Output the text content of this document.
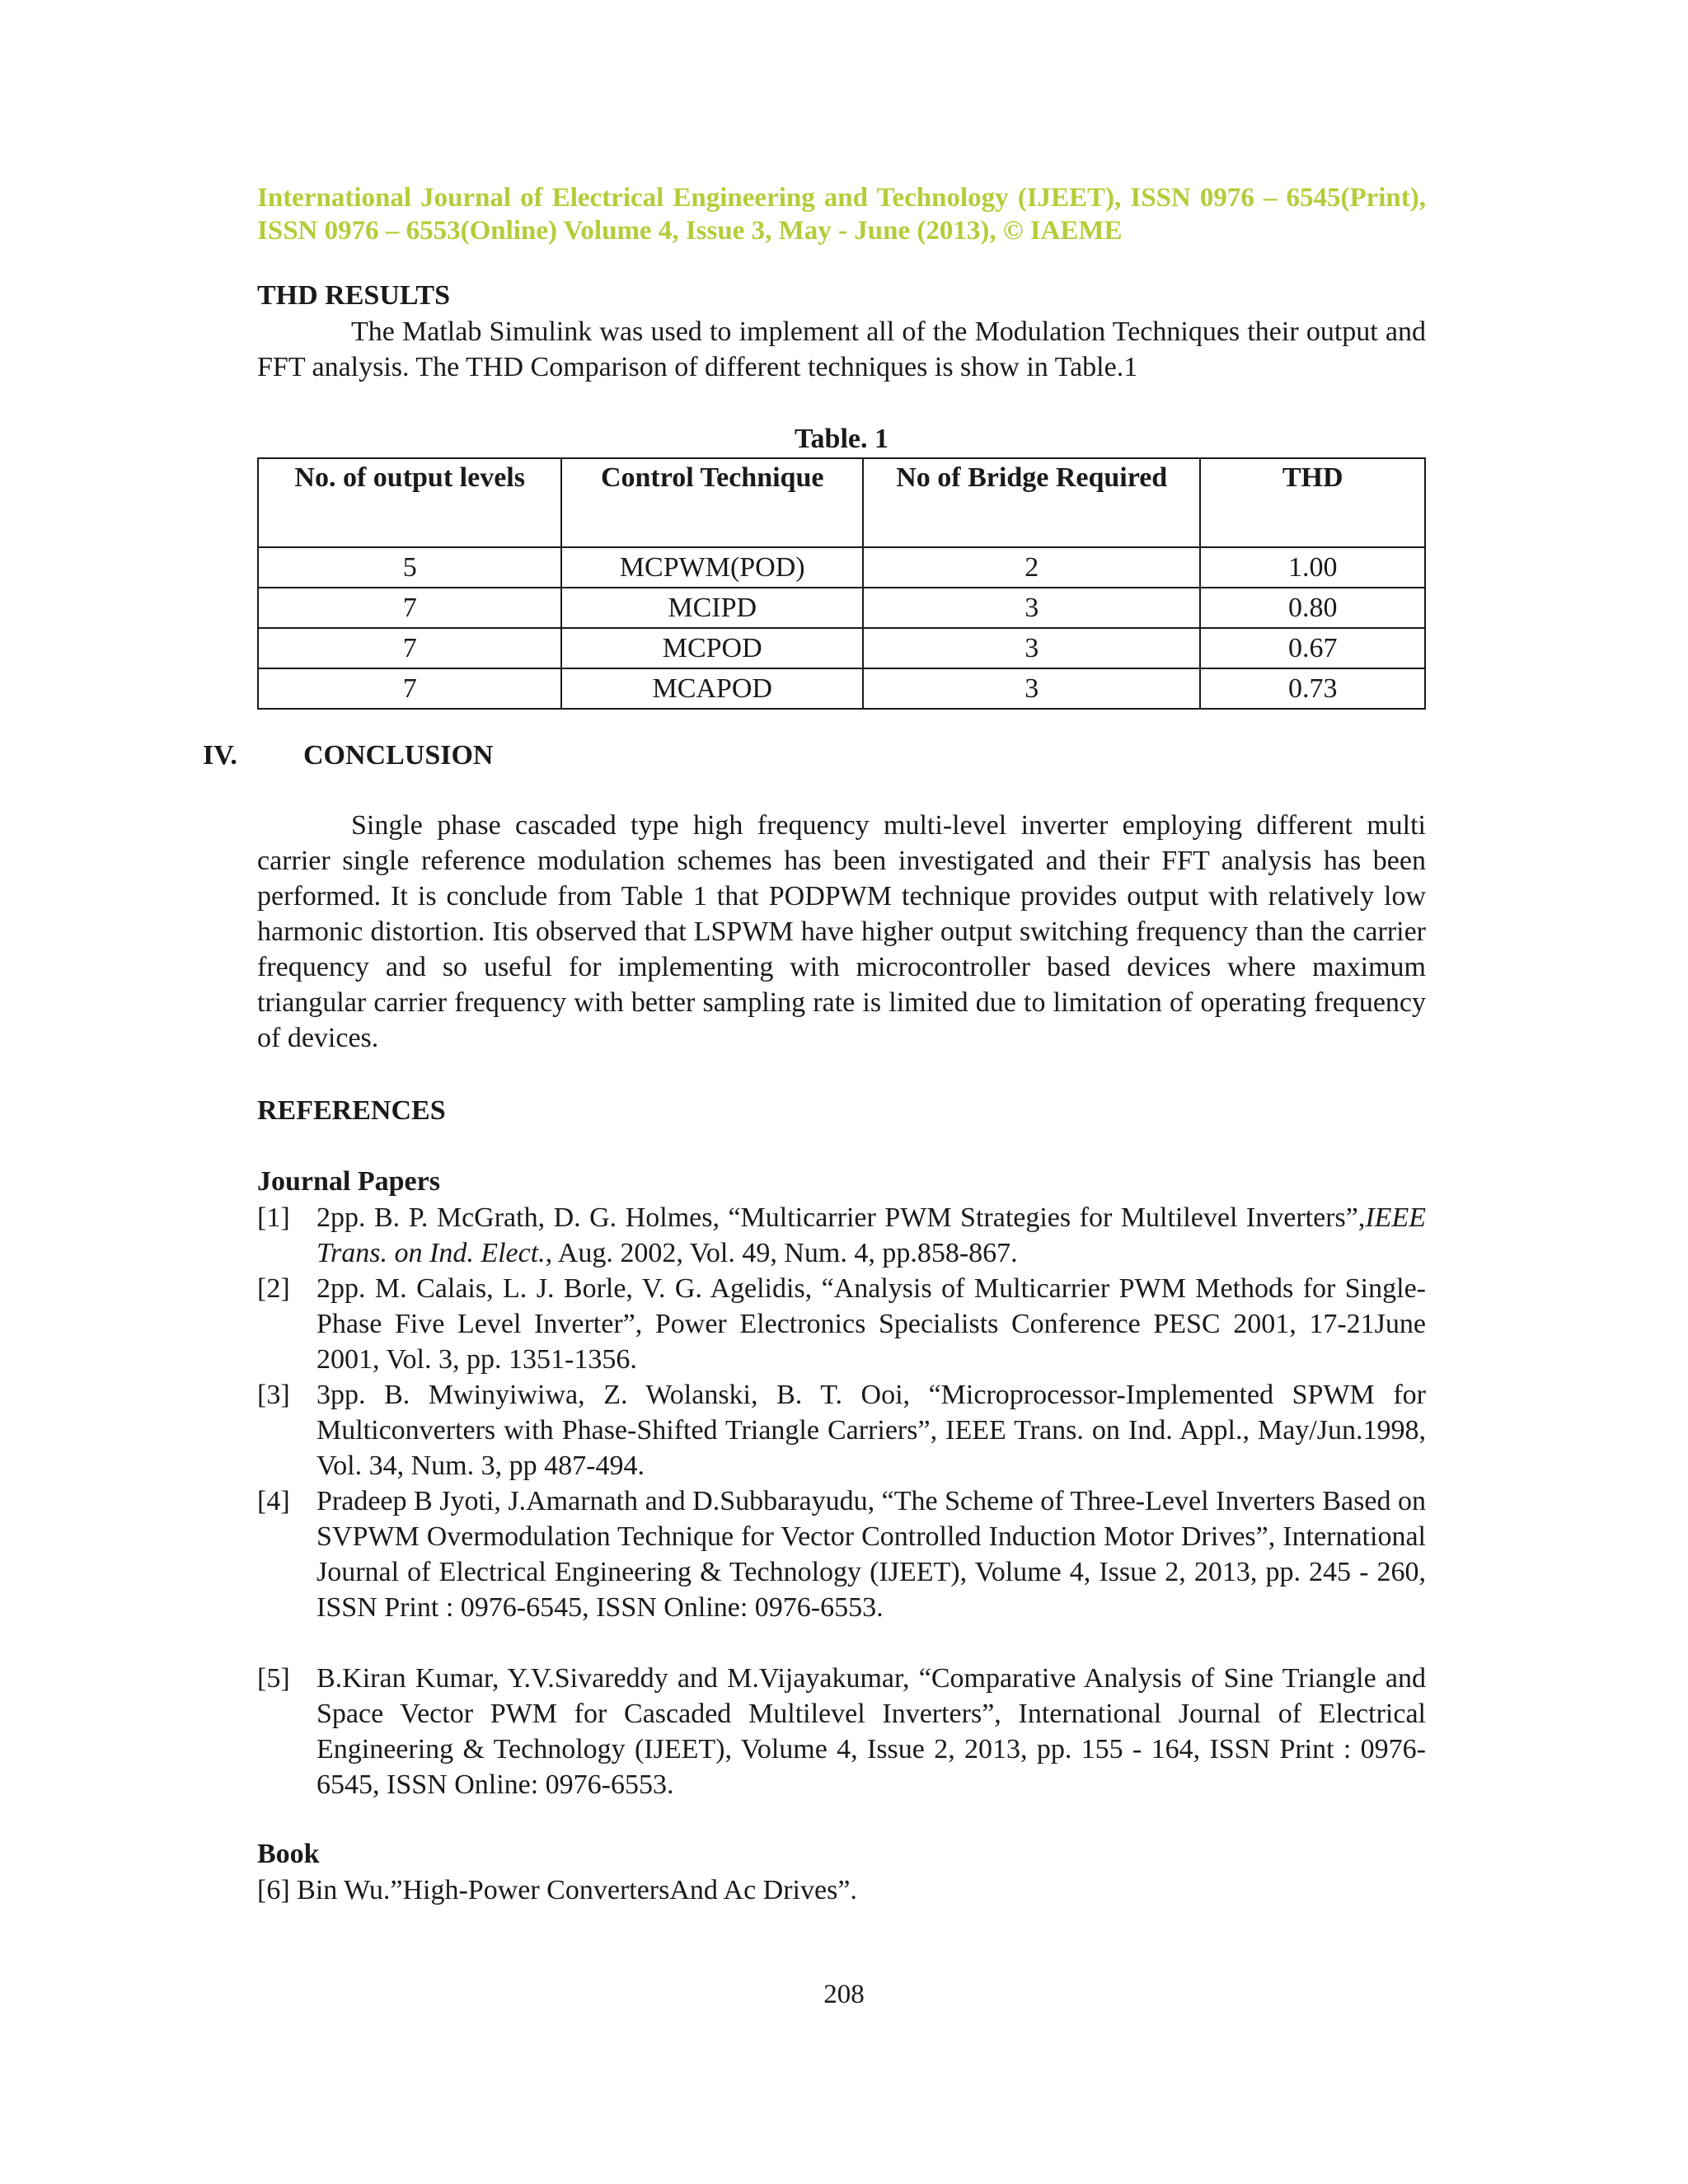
International Journal of Electrical Engineering and Technology (IJEET), ISSN 0976 – 6545(Print), ISSN 0976 – 6553(Online) Volume 4, Issue 3, May - June (2013), © IAEME
THD RESULTS
The Matlab Simulink was used to implement all of the Modulation Techniques their output and FFT analysis. The THD Comparison of different techniques is show in Table.1
Table. 1
No. of output levels	Control Technique	No of Bridge Required	THD
5	MCPWM(POD)	2	1.00
7	MCIPD	3	0.80
7	MCPOD	3	0.67
7	MCAPOD	3	0.73
IV. CONCLUSION
Single phase cascaded type high frequency multi-level inverter employing different multi carrier single reference modulation schemes has been investigated and their FFT analysis has been performed. It is conclude from Table 1 that PODPWM technique provides output with relatively low harmonic distortion. Itis observed that LSPWM have higher output switching frequency than the carrier frequency and so useful for implementing with microcontroller based devices where maximum triangular carrier frequency with better sampling rate is limited due to limitation of operating frequency of devices.
REFERENCES
Journal Papers
[1] 2pp. B. P. McGrath, D. G. Holmes, “Multicarrier PWM Strategies for Multilevel Inverters”,IEEE Trans. on Ind. Elect., Aug. 2002, Vol. 49, Num. 4, pp.858-867.
[2] 2pp. M. Calais, L. J. Borle, V. G. Agelidis, “Analysis of Multicarrier PWM Methods for Single-Phase Five Level Inverter”, Power Electronics Specialists Conference PESC 2001, 17-21June 2001, Vol. 3, pp. 1351-1356.
[3] 3pp. B. Mwinyiwiwa, Z. Wolanski, B. T. Ooi, “Microprocessor-Implemented SPWM for Multiconverters with Phase-Shifted Triangle Carriers”, IEEE Trans. on Ind. Appl., May/Jun.1998, Vol. 34, Num. 3, pp 487-494.
[4] Pradeep B Jyoti, J.Amarnath and D.Subbarayudu, “The Scheme of Three-Level Inverters Based on SVPWM Overmodulation Technique for Vector Controlled Induction Motor Drives”, International Journal of Electrical Engineering & Technology (IJEET), Volume 4, Issue 2, 2013, pp. 245 - 260, ISSN Print : 0976-6545, ISSN Online: 0976-6553.
[5] B.Kiran Kumar, Y.V.Sivareddy and M.Vijayakumar, “Comparative Analysis of Sine Triangle and Space Vector PWM for Cascaded Multilevel Inverters”, International Journal of Electrical Engineering & Technology (IJEET), Volume 4, Issue 2, 2013, pp. 155 - 164, ISSN Print : 0976-6545, ISSN Online: 0976-6553.
Book
[6] Bin Wu.”High-Power ConvertersAnd Ac Drives”.
208
